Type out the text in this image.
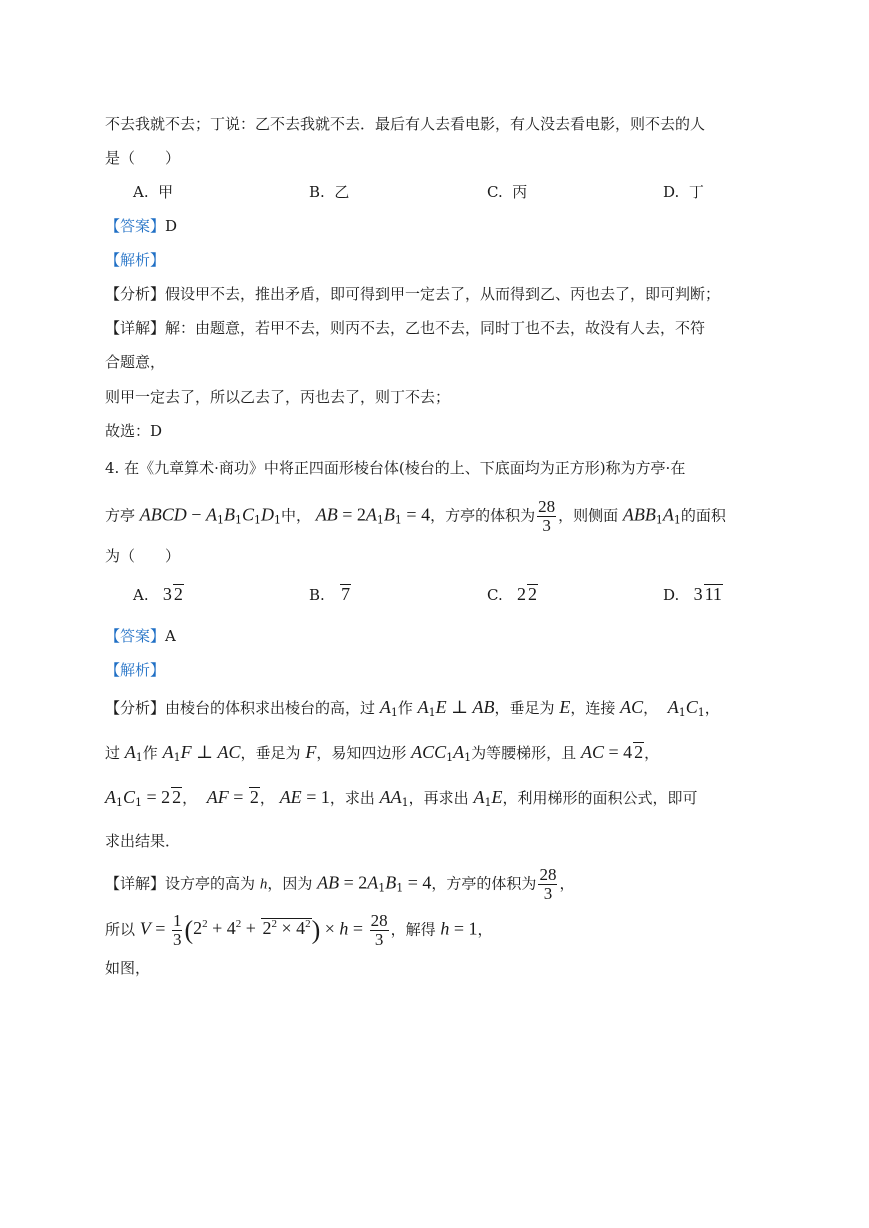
不去我就不去；丁说：乙不去我就不去．最后有人去看电影，有人没去看电影，则不去的人
是（　　）
A. 甲	B. 乙	C. 丙	D. 丁
【答案】D
【解析】
【分析】假设甲不去，推出矛盾，即可得到甲一定去了，从而得到乙、丙也去了，即可判断；
【详解】解：由题意，若甲不去，则丙不去，乙也不去，同时丁也不去，故没有人去，不符
合题意，
则甲一定去了，所以乙去了，丙也去了，则丁不去；
故选：D
4. 在《九章算术·商功》中将正四面形棱台体(棱台的上、下底面均为正方形)称为方亭·在
方亭 ABCD − $A_1B_1C_1D_1$中， AB = $2A_1B_1 = 4$，方亭的体积为 $\frac{28}{3}$ ，则侧面 $ABB_1A_1$的面积
为（　　）
A. 3 2	B. 7	C. 2 2	D. 3 11
【答案】A
【解析】
【分析】由棱台的体积求出棱台的高，过 $A_1$作 $A_1E$ ⊥ AB，垂足为 E，连接 AC， $A_1C_1$，
过 $A_1$作 $A_1F$ ⊥ AC，垂足为 F，易知四边形 $ACC_1A_1$为等腰梯形，且 AC = 4 2，
$A_1C_1 = 2$ 2， AF = 2， AE = 1，求出 $AA_1$，再求出 $A_1E$，利用梯形的面积公式，即可
求出结果．
【详解】设方亭的高为 h，因为 AB = $2A_1B_1 = 4$，方亭的体积为 $\frac{28}{3}$ ，
所以 $V = \frac{1}{3} (2^2 + 4^2 + 2^2 \times 4^2) \times h = \frac{28}{3}$ ，解得 h = 1，
如图，
